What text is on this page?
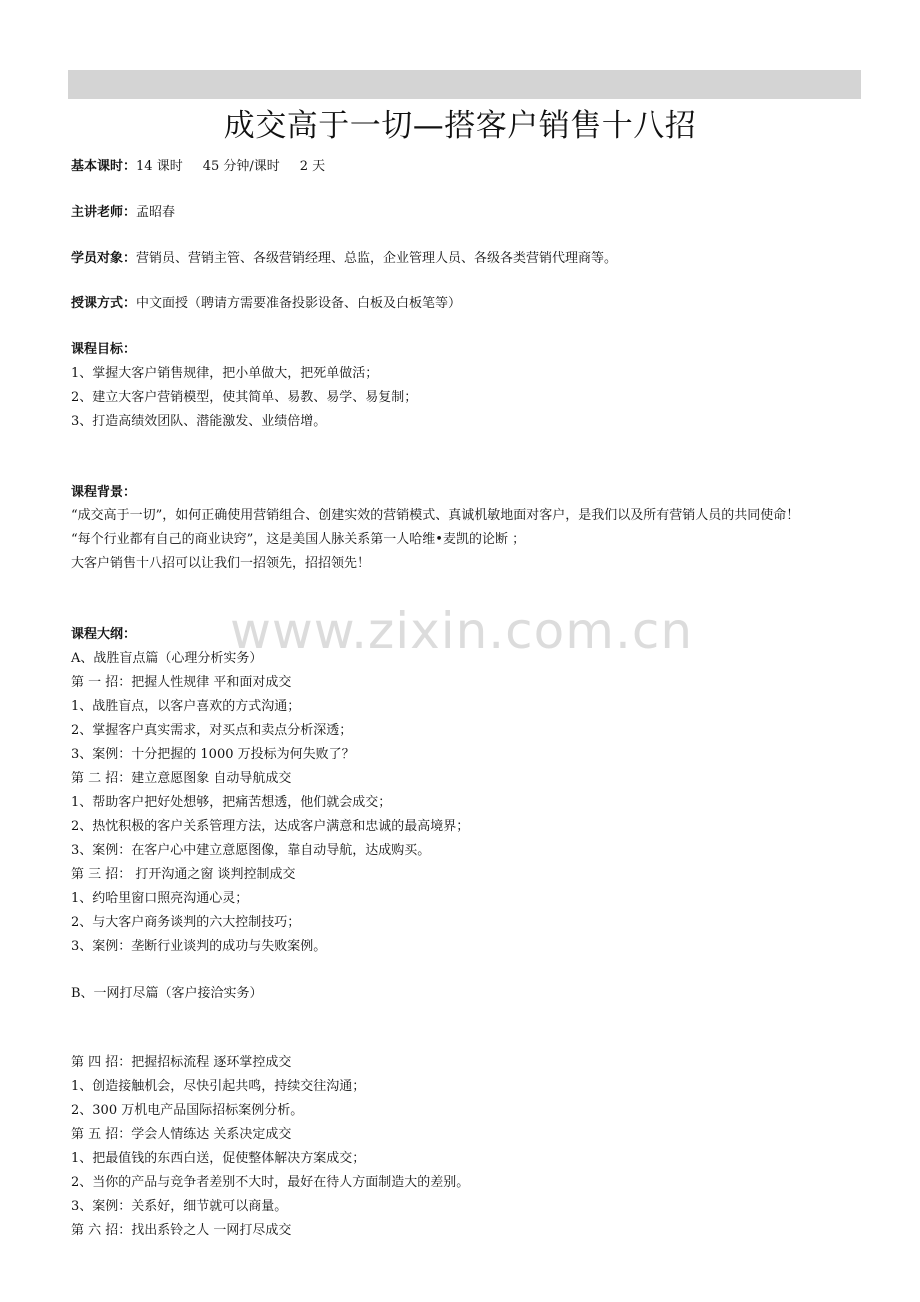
成交高于一切—搭客户销售十八招
基本课时：14 课时 45 分钟/课时 2 天
主讲老师：孟昭春
学员对象：营销员、营销主管、各级营销经理、总监，企业管理人员、各级各类营销代理商等。
授课方式：中文面授（聘请方需要准备投影设备、白板及白板笔等）
课程目标：
1、掌握大客户销售规律，把小单做大，把死单做活；
2、建立大客户营销模型，使其简单、易教、易学、易复制；
3、打造高绩效团队、潜能激发、业绩倍增。
课程背景：
“成交高于一切”，如何正确使用营销组合、创建实效的营销模式、真诚机敏地面对客户，是我们以及所有营销人员的共同使命！
“每个行业都有自己的商业诀窍”，这是美国人脉关系第一人哈维•麦凯的论断 ；
大客户销售十八招可以让我们一招领先，招招领先！
www.zixin.com.cn
课程大纲：
A、战胜盲点篇（心理分析实务）
第 一 招：把握人性规律 平和面对成交
1、战胜盲点，以客户喜欢的方式沟通；
2、掌握客户真实需求，对买点和卖点分析深透；
3、案例：十分把握的 1000 万投标为何失败了？
第 二 招：建立意愿图象 自动导航成交
1、帮助客户把好处想够，把痛苦想透，他们就会成交；
2、热忱积极的客户关系管理方法，达成客户满意和忠诚的最高境界；
3、案例：在客户心中建立意愿图像，靠自动导航，达成购买。
第 三 招： 打开沟通之窗 谈判控制成交
1、约哈里窗口照亮沟通心灵；
2、与大客户商务谈判的六大控制技巧；
3、案例：垄断行业谈判的成功与失败案例。
B、一网打尽篇（客户接洽实务）
第 四 招：把握招标流程 逐环掌控成交
1、创造接触机会，尽快引起共鸣，持续交往沟通；
2、300 万机电产品国际招标案例分析。
第 五 招：学会人情练达 关系决定成交
1、把最值钱的东西白送，促使整体解决方案成交；
2、当你的产品与竞争者差别不大时，最好在待人方面制造大的差别。
3、案例：关系好，细节就可以商量。
第 六 招：找出系铃之人 一网打尽成交
